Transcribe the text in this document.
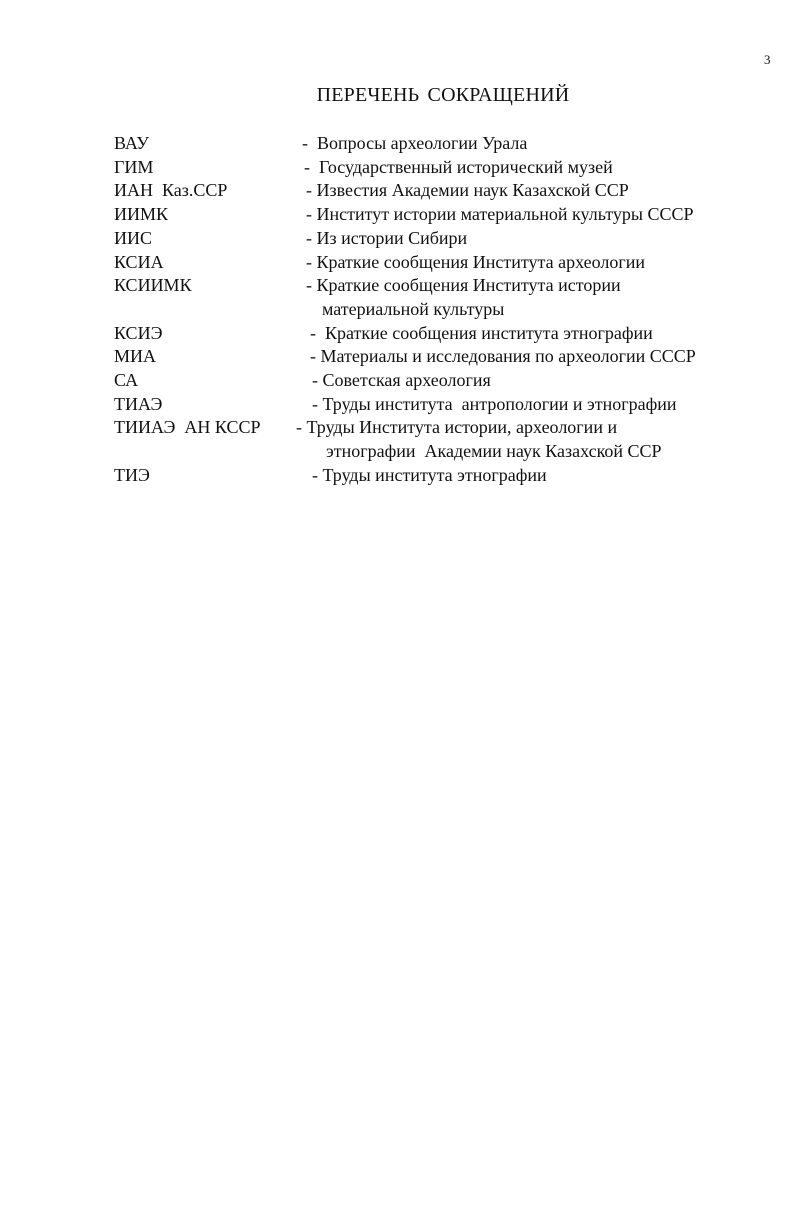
3
ПЕРЕЧЕНЬ СОКРАЩЕНИЙ
ВАУ	-  Вопросы археологии Урала
ГИМ	-  Государственный исторический музей
ИАН  Каз.ССР	- Известия Академии наук Казахской ССР
ИИМК	- Институт истории материальной культуры СССР
ИИС	- Из истории Сибири
КСИА	- Краткие сообщения Института археологии
КСИИМК	- Краткие сообщения Института истории
материальной культуры
КСИЭ	-  Краткие сообщения института этнографии
МИА	- Материалы и исследования по археологии СССР
СА	- Советская археология
ТИАЭ	- Труды института  антропологии и этнографии
ТИИАЭ  АН КССР - Труды Института истории, археологии и
этнографии  Академии наук Казахской ССР
ТИЭ	- Труды института этнографии
